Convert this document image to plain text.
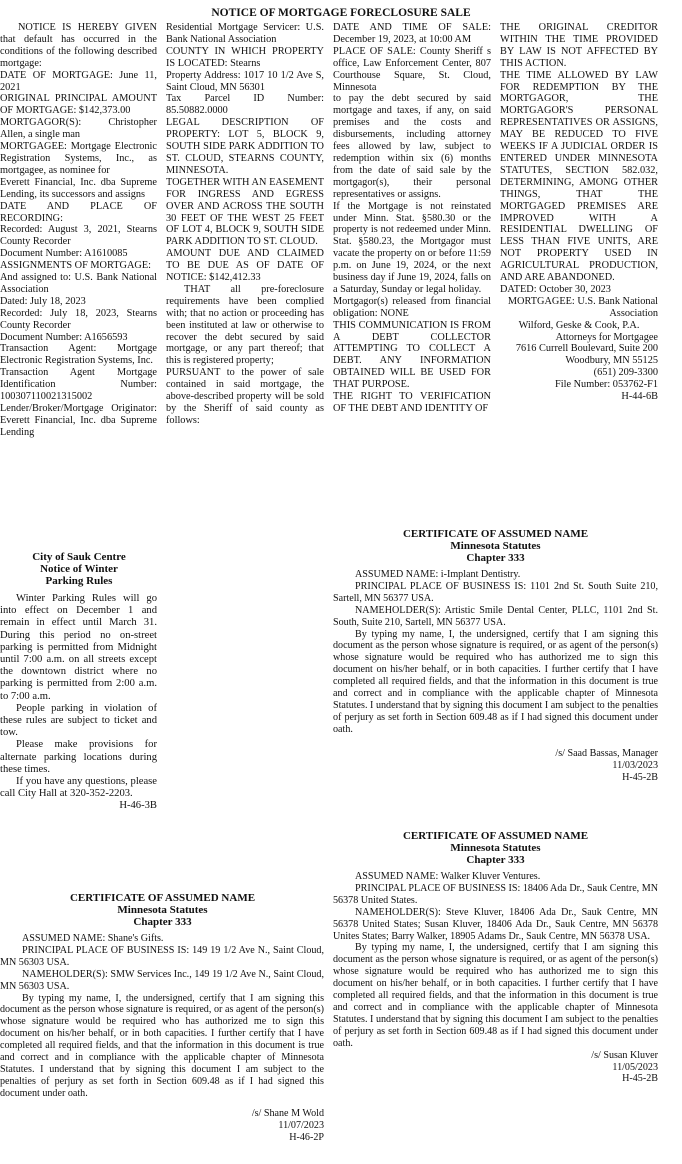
NOTICE OF MORTGAGE FORECLOSURE SALE

NOTICE IS HEREBY GIVEN that default has occurred in the conditions of the following described mortgage:

DATE OF MORTGAGE: June 11, 2021

ORIGINAL PRINCIPAL AMOUNT OF MORTGAGE: $142,373.00

MORTGAGOR(S): Christopher Allen, a single man

MORTGAGEE: Mortgage Electronic Registration Systems, Inc., as mortgagee, as nominee for

Everett Financial, Inc. dba Supreme Lending, its successors and assigns

DATE AND PLACE OF RECORDING:

Recorded: August 3, 2021, Stearns County Recorder

Document Number: A1610085

ASSIGNMENTS OF MORTGAGE:

And assigned to: U.S. Bank National Association

Dated: July 18, 2023

Recorded: July 18, 2023, Stearns County Recorder

Document Number: A1656593

Transaction Agent: Mortgage Electronic Registration Systems, Inc.

Transaction Agent Mortgage Identification Number: 100307110021315002

Lender/Broker/Mortgage Originator: Everett Financial, Inc. dba Supreme Lending

Residential Mortgage Servicer: U.S. Bank National Association

COUNTY IN WHICH PROPERTY IS LOCATED: Stearns

Property Address: 1017 10 1/2 Ave S, Saint Cloud, MN 56301

Tax Parcel ID Number: 85.50882.0000

LEGAL DESCRIPTION OF PROPERTY: LOT 5, BLOCK 9, SOUTH SIDE PARK ADDITION TO ST. CLOUD, STEARNS COUNTY, MINNESOTA.

TOGETHER WITH AN EASEMENT FOR INGRESS AND EGRESS OVER AND ACROSS THE SOUTH 30 FEET OF THE WEST 25 FEET OF LOT 4, BLOCK 9, SOUTH SIDE PARK ADDITION TO ST. CLOUD.

AMOUNT DUE AND CLAIMED TO BE DUE AS OF DATE OF NOTICE: $142,412.33

THAT all pre-foreclosure requirements have been complied with; that no action or proceeding has been instituted at law or otherwise to recover the debt secured by said mortgage, or any part thereof; that this is registered property;

PURSUANT to the power of sale contained in said mortgage, the above-described property will be sold by the Sheriff of said county as follows:

DATE AND TIME OF SALE: December 19, 2023, at 10:00 AM

PLACE OF SALE: County Sheriff s office, Law Enforcement Center, 807 Courthouse Square, St. Cloud, Minnesota

to pay the debt secured by said mortgage and taxes, if any, on said premises and the costs and disbursements, including attorney fees allowed by law, subject to redemption within six (6) months from the date of said sale by the mortgagor(s), their personal representatives or assigns.

If the Mortgage is not reinstated under Minn. Stat. §580.30 or the property is not redeemed under Minn. Stat. §580.23, the Mortgagor must vacate the property on or before 11:59 p.m. on June 19, 2024, or the next business day if June 19, 2024, falls on a Saturday, Sunday or legal holiday.

Mortgagor(s) released from financial obligation: NONE

THIS COMMUNICATION IS FROM A DEBT COLLECTOR ATTEMPTING TO COLLECT A DEBT. ANY INFORMATION OBTAINED WILL BE USED FOR THAT PURPOSE.

THE RIGHT TO VERIFICATION OF THE DEBT AND IDENTITY OF

THE ORIGINAL CREDITOR WITHIN THE TIME PROVIDED BY LAW IS NOT AFFECTED BY THIS ACTION.

THE TIME ALLOWED BY LAW FOR REDEMPTION BY THE MORTGAGOR, THE MORTGAGOR'S PERSONAL REPRESENTATIVES OR ASSIGNS, MAY BE REDUCED TO FIVE WEEKS IF A JUDICIAL ORDER IS ENTERED UNDER MINNESOTA STATUTES, SECTION 582.032, DETERMINING, AMONG OTHER THINGS, THAT THE MORTGAGED PREMISES ARE IMPROVED WITH A RESIDENTIAL DWELLING OF LESS THAN FIVE UNITS, ARE NOT PROPERTY USED IN AGRICULTURAL PRODUCTION, AND ARE ABANDONED.

DATED: October 30, 2023

MORTGAGEE: U.S. Bank National Association

Wilford, Geske & Cook, P.A.

Attorneys for Mortgagee

7616 Currell Boulevard, Suite 200

Woodbury, MN 55125

(651) 209-3300

File Number: 053762-F1

H-44-6B

City of Sauk Centre
Notice of Winter
Parking Rules

Winter Parking Rules will go into effect on December 1 and remain in effect until March 31. During this period no on-street parking is permitted from Midnight until 7:00 a.m. on all streets except the downtown district where no parking is permitted from 2:00 a.m. to 7:00 a.m.

People parking in violation of these rules are subject to ticket and tow.

Please make provisions for alternate parking locations during these times.

If you have any questions, please call City Hall at 320-352-2203.

H-46-3B

CERTIFICATE OF ASSUMED NAME
Minnesota Statutes
Chapter 333

ASSUMED NAME: i-Implant Dentistry.

PRINCIPAL PLACE OF BUSINESS IS: 1101 2nd St. South Suite 210, Sartell, MN 56377 USA.

NAMEHOLDER(S): Artistic Smile Dental Center, PLLC, 1101 2nd St. South, Suite 210, Sartell, MN 56377 USA.

By typing my name, I, the undersigned, certify that I am signing this document as the person whose signature is required, or as agent of the person(s) whose signature would be required who has authorized me to sign this document on his/her behalf, or in both capacities. I further certify that I have completed all required fields, and that the information in this document is true and correct and in compliance with the applicable chapter of Minnesota Statutes. I understand that by signing this document I am subject to the penalties of perjury as set forth in Section 609.48 as if I had signed this document under oath.

/s/ Saad Bassas, Manager

11/03/2023

H-45-2B

CERTIFICATE OF ASSUMED NAME
Minnesota Statutes
Chapter 333

ASSUMED NAME: Walker Kluver Ventures.

PRINCIPAL PLACE OF BUSINESS IS: 18406 Ada Dr., Sauk Centre, MN 56378 United States.

NAMEHOLDER(S): Steve Kluver, 18406 Ada Dr., Sauk Centre, MN 56378 United States; Susan Kluver, 18406 Ada Dr., Sauk Centre, MN 56378 Unites States; Barry Walker, 18905 Adams Dr., Sauk Centre, MN 56378 USA.

By typing my name, I, the undersigned, certify that I am signing this document as the person whose signature is required, or as agent of the person(s) whose signature would be required who has authorized me to sign this document on his/her behalf, or in both capacities. I further certify that I have completed all required fields, and that the information in this document is true and correct and in compliance with the applicable chapter of Minnesota Statutes. I understand that by signing this document I am subject to the penalties of perjury as set forth in Section 609.48 as if I had signed this document under oath.

/s/ Susan Kluver

11/05/2023

H-45-2B

CERTIFICATE OF ASSUMED NAME
Minnesota Statutes
Chapter 333

ASSUMED NAME: Shane's Gifts.

PRINCIPAL PLACE OF BUSINESS IS: 149 19 1/2 Ave N., Saint Cloud, MN 56303 USA.

NAMEHOLDER(S): SMW Services Inc., 149 19 1/2 Ave N., Saint Cloud, MN 56303 USA.

By typing my name, I, the undersigned, certify that I am signing this document as the person whose signature is required, or as agent of the person(s) whose signature would be required who has authorized me to sign this document on his/her behalf, or in both capacities. I further certify that I have completed all required fields, and that the information in this document is true and correct and in compliance with the applicable chapter of Minnesota Statutes. I understand that by signing this document I am subject to the penalties of perjury as set forth in Section 609.48 as if I had signed this document under oath.

/s/ Shane M Wold

11/07/2023

H-46-2P
